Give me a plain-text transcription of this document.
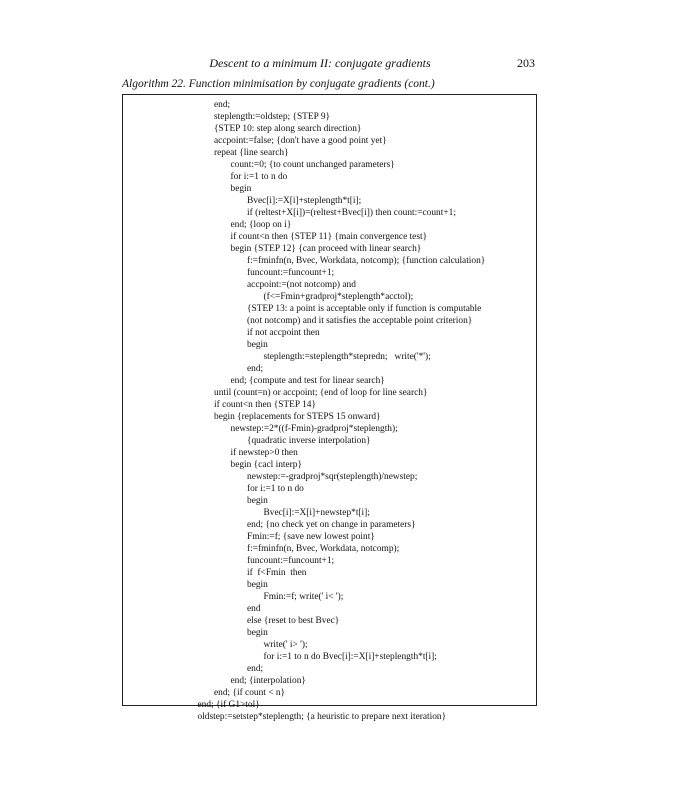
Descent to a minimum II: conjugate gradients	203
Algorithm 22. Function minimisation by conjugate gradients (cont.)
end;
steplength:=oldstep; {STEP 9}
{STEP 10: step along search direction}
accpoint:=false; {don't have a good point yet}
repeat {line search}
count:=0; {to count unchanged parameters}
for i:=1 to n do
begin
Bvec[i]:=X[i]+steplength*t[i];
if (reltest+X[i])=(reltest+Bvec[i]) then count:=count+1;
end; {loop on i}
if count<n then {STEP 11} {main convergence test}
begin {STEP 12} {can proceed with linear search}
f:=fminfn(n, Bvec, Workdata, notcomp); {function calculation}
funcount:=funcount+1;
accpoint:=(not notcomp) and
(f<=Fmin+gradproj*steplength*acctol);
{STEP 13: a point is acceptable only if function is computable
(not notcomp) and it satisfies the acceptable point criterion}
if not accpoint then
begin
steplength:=steplength*stepredn;   write('*');
end;
end; {compute and test for linear search}
until (count=n) or accpoint; {end of loop for line search}
if count<n then {STEP 14}
begin {replacements for STEPS 15 onward}
newstep:=2*((f-Fmin)-gradproj*steplength);
{quadratic inverse interpolation}
if newstep>0 then
begin {cacl interp}
newstep:=-gradproj*sqr(steplength)/newstep;
for i:=1 to n do
begin
Bvec[i]:=X[i]+newstep*t[i];
end; {no check yet on change in parameters}
Fmin:=f; {save new lowest point}
f:=fminfn(n, Bvec, Workdata, notcomp);
funcount:=funcount+1;
if  f<Fmin  then
begin
Fmin:=f; write(' i< ');
end
else {reset to best Bvec}
begin
write(' i> ');
for i:=1 to n do Bvec[i]:=X[i]+steplength*t[i];
end;
end; {interpolation}
end; {if count < n}
end; {if G1>tol}
oldstep:=setstep*steplength; {a heuristic to prepare next iteration}
